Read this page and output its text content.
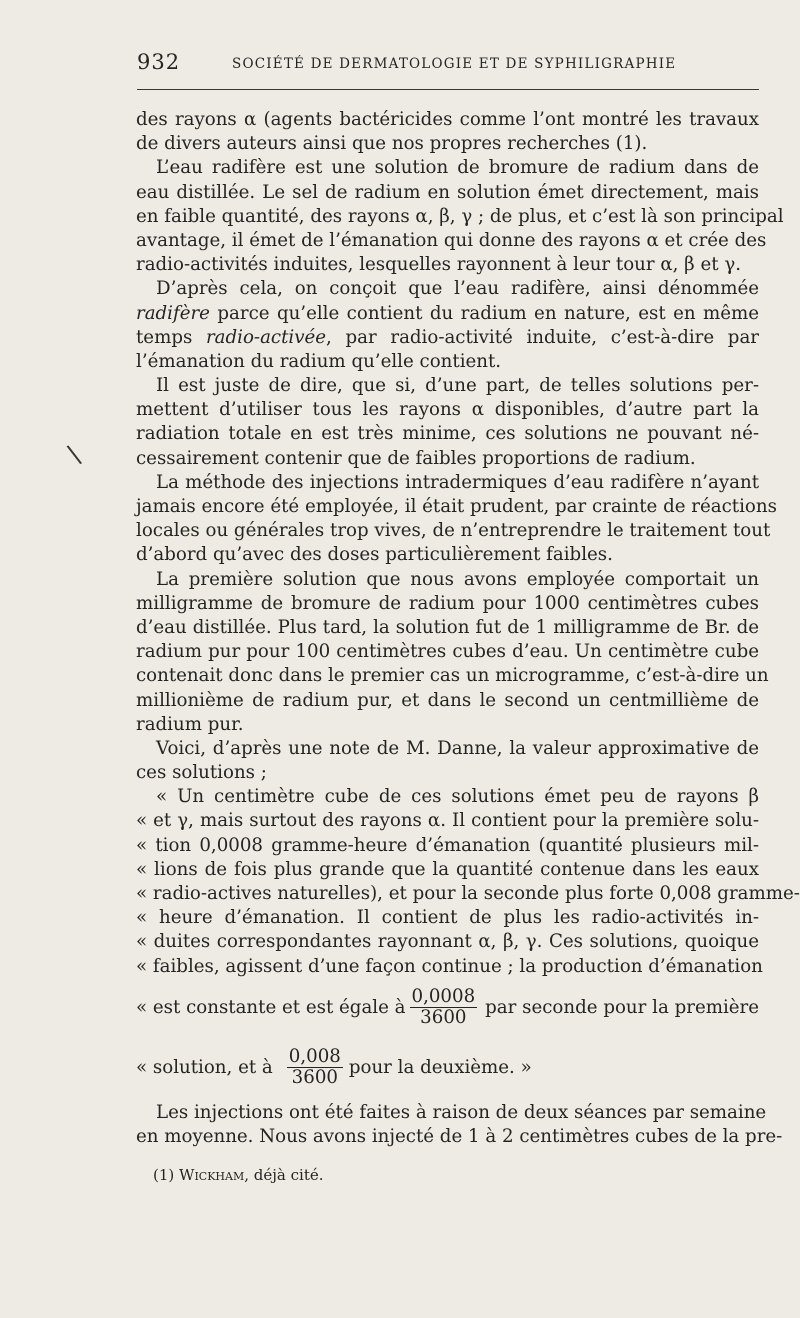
932	SOCIÉTÉ DE DERMATOLOGIE ET DE SYPHILIGRAPHIE
\
des rayons α (agents bactéricides comme l’ont montré les travaux
de divers auteurs ainsi que nos propres recherches (1).
L’eau radifère est une solution de bromure de radium dans de
eau distillée. Le sel de radium en solution émet directement, mais
en faible quantité, des rayons α, β, γ ; de plus, et c’est là son principal
avantage, il émet de l’émanation qui donne des rayons α et crée des
radio-activités induites, lesquelles rayonnent à leur tour α, β et γ.
D’après cela, on conçoit que l’eau radifère, ainsi dénommée
radifère parce qu’elle contient du radium en nature, est en même
temps radio-activée, par radio-activité induite, c’est-à-dire par
l’émanation du radium qu’elle contient.
Il est juste de dire, que si, d’une part, de telles solutions per-
mettent d’utiliser tous les rayons α disponibles, d’autre part la
radiation totale en est très minime, ces solutions ne pouvant né-
cessairement contenir que de faibles proportions de radium.
La méthode des injections intradermiques d’eau radifère n’ayant
jamais encore été employée, il était prudent, par crainte de réactions
locales ou générales trop vives, de n’entreprendre le traitement tout
d’abord qu’avec des doses particulièrement faibles.
La première solution que nous avons employée comportait un
milligramme de bromure de radium pour 1000 centimètres cubes
d’eau distillée. Plus tard, la solution fut de 1 milligramme de Br. de
radium pur pour 100 centimètres cubes d’eau. Un centimètre cube
contenait donc dans le premier cas un microgramme, c’est-à-dire un
millionième de radium pur, et dans le second un centmillième de
radium pur.
Voici, d’après une note de M. Danne, la valeur approximative de
ces solutions ;
« Un centimètre cube de ces solutions émet peu de rayons β
« et γ, mais surtout des rayons α. Il contient pour la première solu-
« tion 0,0008 gramme-heure d’émanation (quantité plusieurs mil-
« lions de fois plus grande que la quantité contenue dans les eaux
« radio-actives naturelles), et pour la seconde plus forte 0,008 gramme-
« heure d’émanation. Il contient de plus les radio-activités in-
« duites correspondantes rayonnant α, β, γ. Ces solutions, quoique
« faibles, agissent d’une façon continue ; la production d’émanation
« est constante et est égale à $\frac{0,0008}{3600}$ par seconde pour la première
« solution, et à $\frac{0,008}{3600}$ pour la deuxième. »
Les injections ont été faites à raison de deux séances par semaine
en moyenne. Nous avons injecté de 1 à 2 centimètres cubes de la pre-
(1) Wickham, déjà cité.
